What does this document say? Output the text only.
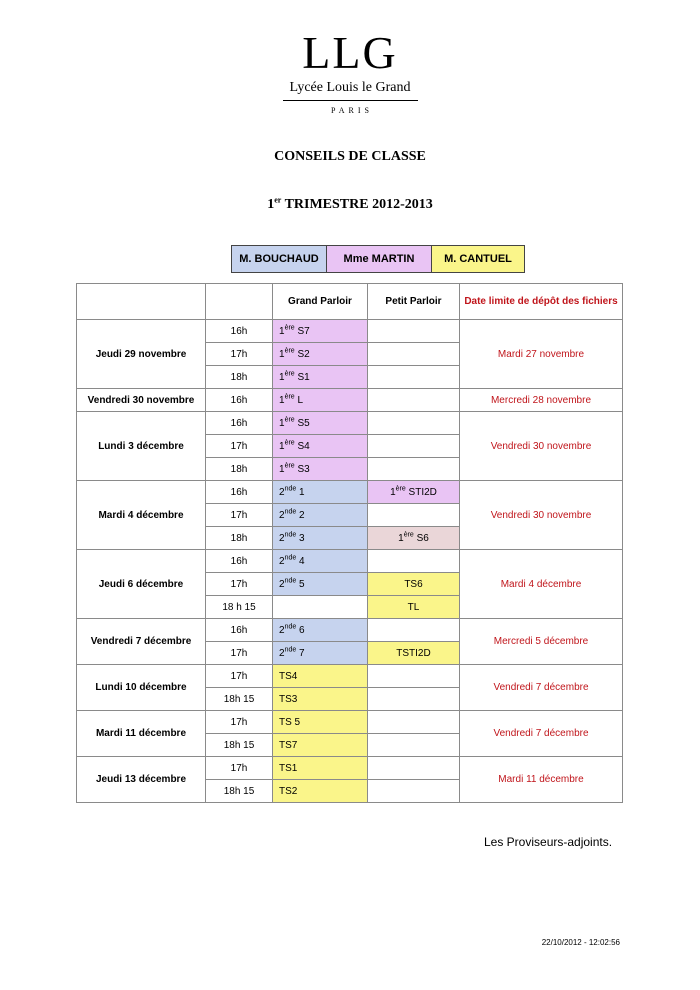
LLG
Lycée Louis le Grand
PARIS
CONSEILS DE CLASSE
1er TRIMESTRE 2012-2013
M. BOUCHAUD	Mme MARTIN	M. CANTUEL
		Grand Parloir	Petit Parloir	Date limite de dépôt des fichiers
Jeudi 29 novembre	16h	1ère S7		Mardi 27 novembre
	17h	1ère S2		
	18h	1ère S1		
Vendredi 30 novembre	16h	1ère L		Mercredi 28 novembre
Lundi 3 décembre	16h	1ère S5		Vendredi 30 novembre
	17h	1ère S4		
	18h	1ère S3		
Mardi 4 décembre	16h	2nde 1	1ère STI2D	Vendredi 30 novembre
	17h	2nde 2		
	18h	2nde 3	1ère S6	
Jeudi 6 décembre	16h	2nde 4		Mardi 4 décembre
	17h	2nde 5	TS6	
	18 h 15		TL	
Vendredi 7 décembre	16h	2nde 6		Mercredi 5 décembre
	17h	2nde 7	TSTI2D	
Lundi 10 décembre	17h	TS4		Vendredi 7 décembre
	18h 15	TS3		
Mardi 11 décembre	17h	TS 5		Vendredi 7 décembre
	18h 15	TS7		
Jeudi 13 décembre	17h	TS1		Mardi 11 décembre
	18h 15	TS2		
Les Proviseurs-adjoints.
22/10/2012 - 12:02:56
